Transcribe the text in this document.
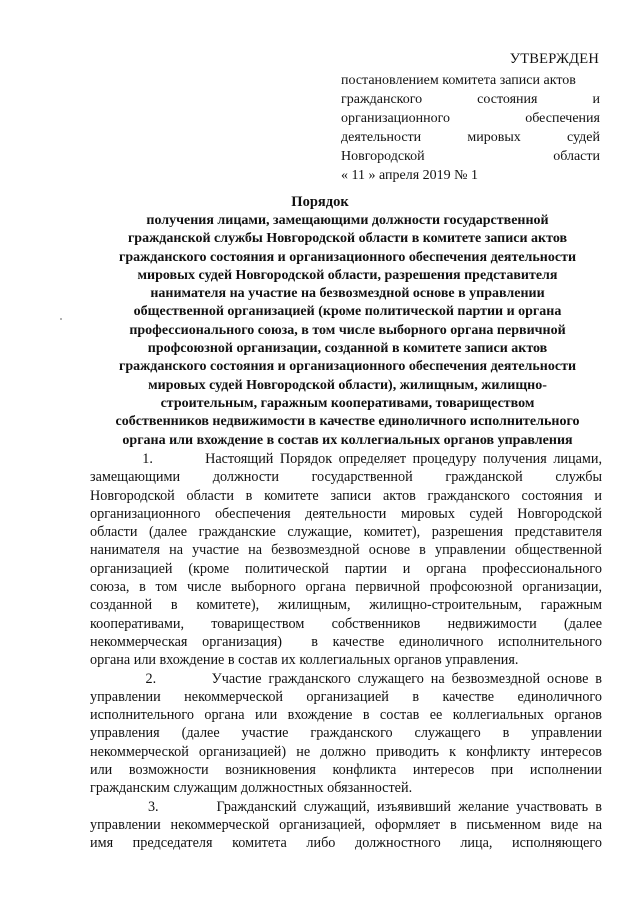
УТВЕРЖДЕН
постановлением комитета записи актов
гражданского состояния и
организационного обеспечения
деятельности мировых судей
Новгородской области
« 11 » апреля 2019 № 1
Порядок
получения лицами, замещающими должности государственной
гражданской службы Новгородской области в комитете записи актов
гражданского состояния и организационного обеспечения деятельности
мировых судей Новгородской области, разрешения представителя
нанимателя на участие на безвозмездной основе в управлении
общественной организацией (кроме политической партии и органа
профессионального союза, в том числе выборного органа первичной
профсоюзной организации, созданной в комитете записи актов
гражданского состояния и организационного обеспечения деятельности
мировых судей Новгородской области), жилищным, жилищно-
строительным, гаражным кооперативами, товариществом
собственников недвижимости в качестве единоличного исполнительного
органа или вхождение в состав их коллегиальных органов управления
1.        Настоящий Порядок определяет процедуру получения лицами,
замещающими должности государственной гражданской службы
Новгородской области в комитете записи актов гражданского состояния и
организационного обеспечения деятельности мировых судей Новгородской
области (далее гражданские служащие, комитет), разрешения представителя
нанимателя на участие на безвозмездной основе в управлении общественной
организацией (кроме политической партии и органа профессионального
союза, в том числе выборного органа первичной профсоюзной организации,
созданной в комитете), жилищным, жилищно-строительным, гаражным
кооперативами, товариществом собственников недвижимости (далее
некоммерческая организация)  в качестве единоличного исполнительного
органа или вхождение в состав их коллегиальных органов управления.
2.        Участие гражданского служащего на безвозмездной основе в
управлении некоммерческой организацией в качестве единоличного
исполнительного органа или вхождение в состав ее коллегиальных органов
управления (далее участие гражданского служащего в управлении
некоммерческой организацией) не должно приводить к конфликту интересов
или возможности возникновения конфликта интересов при исполнении
гражданским служащим должностных обязанностей.
3.        Гражданский служащий, изъявивший желание участвовать в
управлении некоммерческой организацией, оформляет в письменном виде на
имя председателя комитета либо должностного лица, исполняющего
